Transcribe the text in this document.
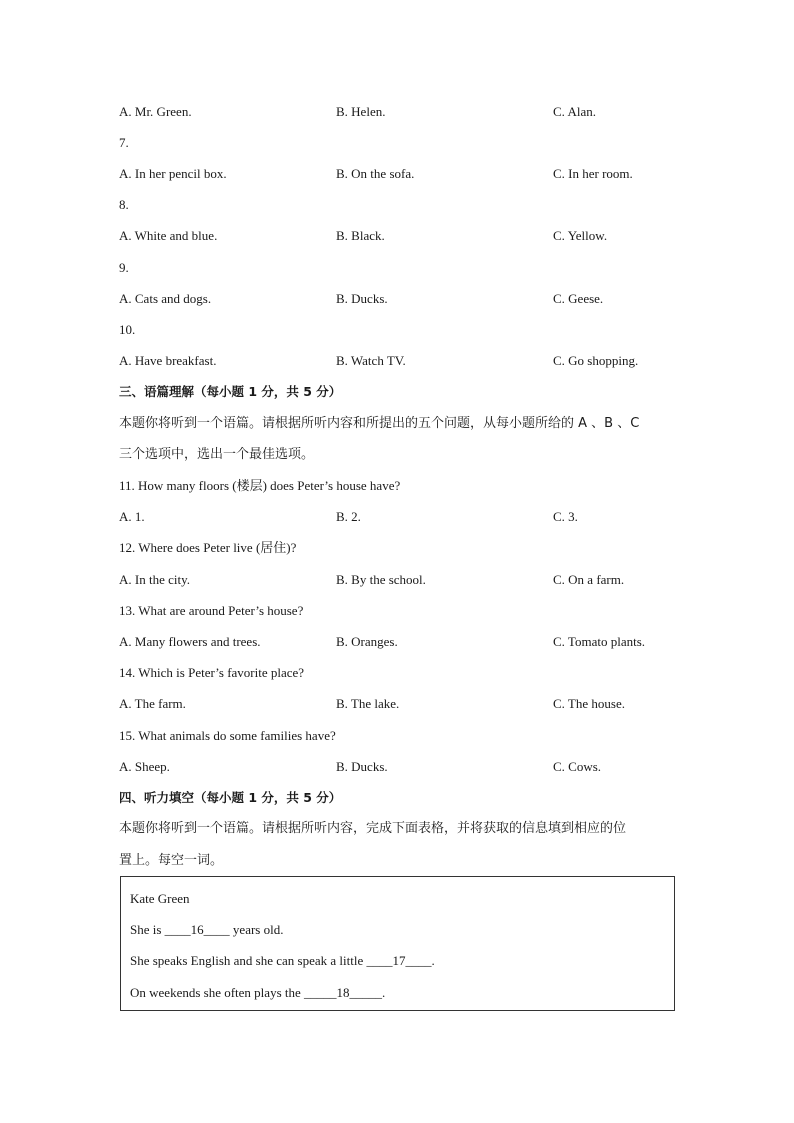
A. Mr. Green.	B. Helen.	C. Alan.
7.
A. In her pencil box.	B. On the sofa.	C. In her room.
8.
A. White and blue.	B. Black.	C. Yellow.
9.
A. Cats and dogs.	B. Ducks.	C. Geese.
10.
A. Have breakfast.	B. Watch TV.	C. Go shopping.
三、语篇理解（每小题 1 分，共 5 分）
本题你将听到一个语篇。请根据所听内容和所提出的五个问题，从每小题所给的 A 、B 、C
三个选项中，选出一个最佳选项。
11. How many floors (楼层) does Peter’s house have?
A. 1.	B. 2.	C. 3.
12. Where does Peter live (居住)?
A. In the city.	B. By the school.	C. On a farm.
13. What are around Peter’s house?
A. Many flowers and trees.	B. Oranges.	C. Tomato plants.
14. Which is Peter’s favorite place?
A. The farm.	B. The lake.	C. The house.
15. What animals do some families have?
A. Sheep.	B. Ducks.	C. Cows.
四、听力填空（每小题 1 分，共 5 分）
本题你将听到一个语篇。请根据所听内容，完成下面表格，并将获取的信息填到相应的位
置上。每空一词。
Kate Green
She is ____16____ years old.
She speaks English and she can speak a little ____17____.
On weekends she often plays the _____18_____.
